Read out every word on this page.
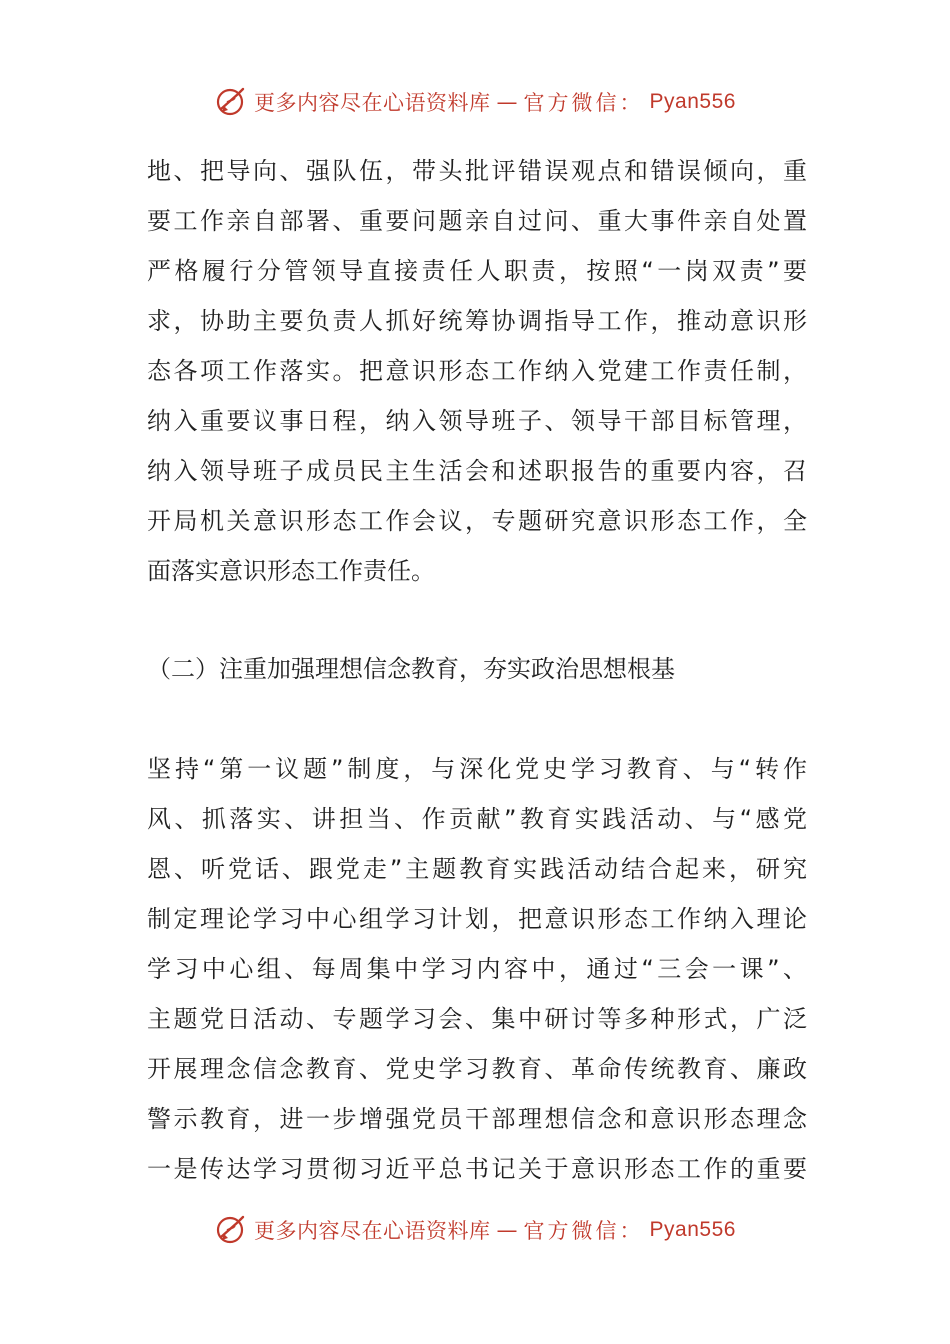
更多内容尽在心语资料库 — 官方微信： Pyan556
地、把导向、强队伍，带头批评错误观点和错误倾向，重
要工作亲自部署、重要问题亲自过问、重大事件亲自处置
严格履行分管领导直接责任人职责，按照“一岗双责”要
求，协助主要负责人抓好统筹协调指导工作，推动意识形
态各项工作落实。把意识形态工作纳入党建工作责任制，
纳入重要议事日程，纳入领导班子、领导干部目标管理，
纳入领导班子成员民主生活会和述职报告的重要内容，召
开局机关意识形态工作会议，专题研究意识形态工作，全
面落实意识形态工作责任。
（二）注重加强理想信念教育，夯实政治思想根基
坚持“第一议题”制度，与深化党史学习教育、与“转作
风、抓落实、讲担当、作贡献”教育实践活动、与“感党
恩、听党话、跟党走”主题教育实践活动结合起来，研究
制定理论学习中心组学习计划，把意识形态工作纳入理论
学习中心组、每周集中学习内容中，通过“三会一课”、
主题党日活动、专题学习会、集中研讨等多种形式，广泛
开展理念信念教育、党史学习教育、革命传统教育、廉政
警示教育，进一步增强党员干部理想信念和意识形态理念
一是传达学习贯彻习近平总书记关于意识形态工作的重要
更多内容尽在心语资料库 — 官方微信： Pyan556
